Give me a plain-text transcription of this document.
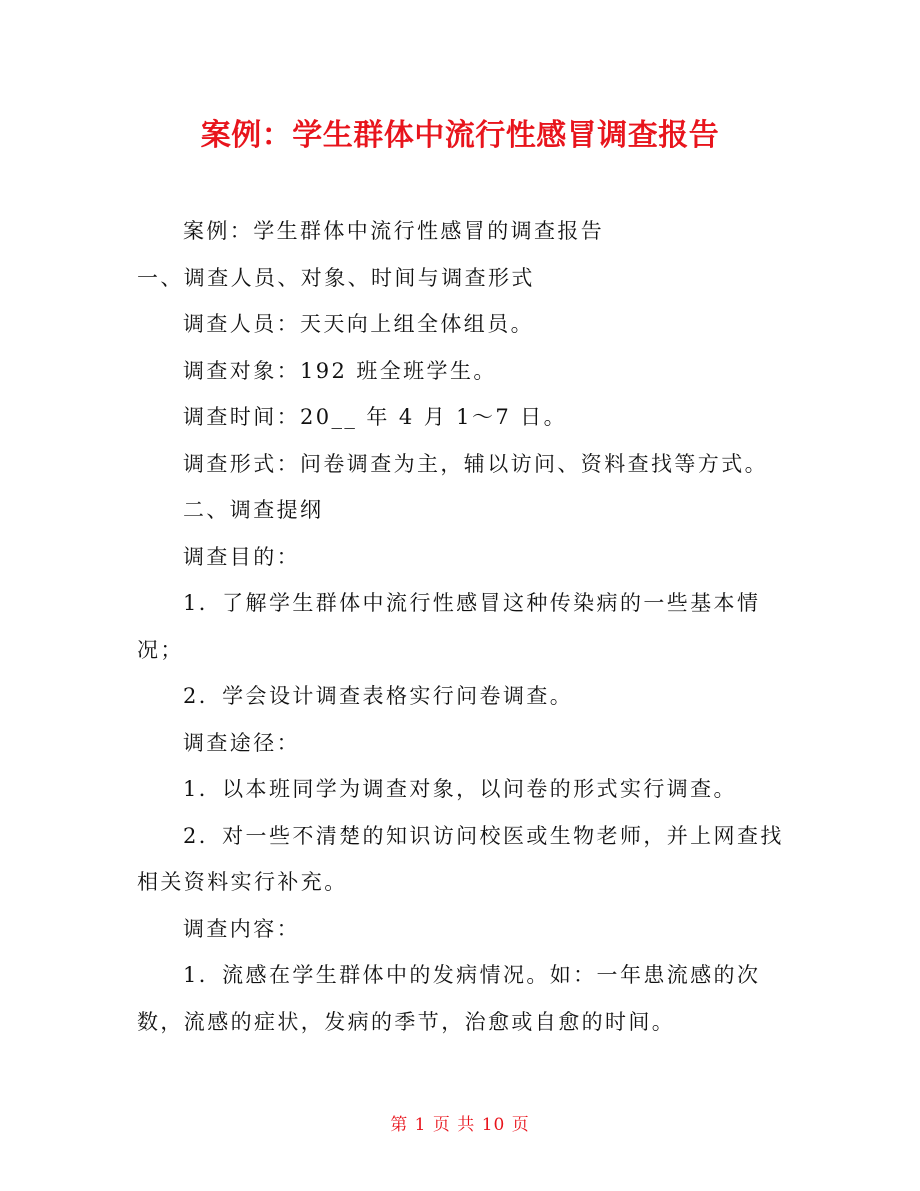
案例：学生群体中流行性感冒调查报告

案例：学生群体中流行性感冒的调查报告

一、调查人员、对象、时间与调查形式

调查人员：天天向上组全体组员。

调查对象：192 班全班学生。

调查时间：20__ 年 4 月 1～7 日。

调查形式：问卷调查为主，辅以访问、资料查找等方式。

二、调查提纲

调查目的：

1．了解学生群体中流行性感冒这种传染病的一些基本情况；

2．学会设计调查表格实行问卷调查。

调查途径：

1．以本班同学为调查对象，以问卷的形式实行调查。

2．对一些不清楚的知识访问校医或生物老师，并上网查找相关资料实行补充。

调查内容：

1．流感在学生群体中的发病情况。如：一年患流感的次数，流感的症状，发病的季节，治愈或自愈的时间。

第 1 页 共 10 页
